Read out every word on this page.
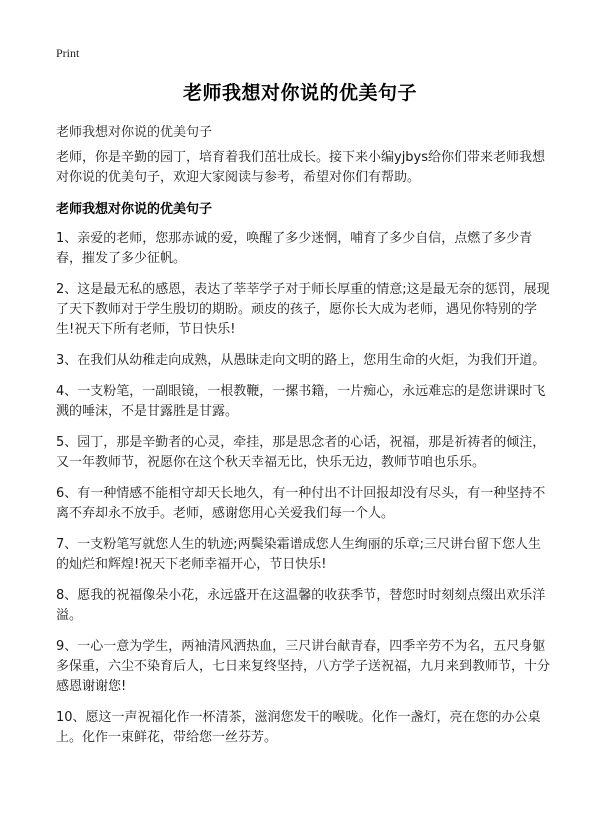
Print
老师我想对你说的优美句子
老师我想对你说的优美句子

老师，你是辛勤的园丁，培育着我们茁壮成长。接下来小编yjbys给你们带来老师我想对你说的优美句子，欢迎大家阅读与参考，希望对你们有帮助。

老师我想对你说的优美句子

1、亲爱的老师，您那赤诚的爱，唤醒了多少迷惘，哺育了多少自信，点燃了多少青春，摧发了多少征帆。

2、这是最无私的感恩，表达了莘莘学子对于师长厚重的情意;这是最无奈的惩罚，展现了天下教师对于学生殷切的期盼。顽皮的孩子，愿你长大成为老师，遇见你特别的学生!祝天下所有老师，节日快乐!

3、在我们从幼稚走向成熟，从愚昧走向文明的路上，您用生命的火炬，为我们开道。

4、一支粉笔，一副眼镜，一根教鞭，一摞书籍，一片痴心，永远难忘的是您讲课时飞溅的唾沫，不是甘露胜是甘露。

5、园丁，那是辛勤者的心灵，牵挂，那是思念者的心话，祝福，那是祈祷者的倾注，又一年教师节，祝愿你在这个秋天幸福无比，快乐无边，教师节咱也乐乐。

6、有一种情感不能相守却天长地久，有一种付出不计回报却没有尽头，有一种坚持不离不弃却永不放手。老师，感谢您用心关爱我们每一个人。

7、一支粉笔写就您人生的轨迹;两鬓染霜谱成您人生绚丽的乐章;三尺讲台留下您人生的灿烂和辉煌!祝天下老师幸福开心，节日快乐!

8、愿我的祝福像朵小花，永远盛开在这温馨的收获季节，替您时时刻刻点缀出欢乐洋溢。

9、一心一意为学生，两袖清风洒热血，三尺讲台献青春，四季辛劳不为名，五尺身躯多保重，六尘不染育后人，七日来复终坚持，八方学子送祝福，九月来到教师节，十分感恩谢谢您!

10、愿这一声祝福化作一杯清茶，滋润您发干的喉咙。化作一盏灯，亮在您的办公桌上。化作一束鲜花，带给您一丝芬芳。
